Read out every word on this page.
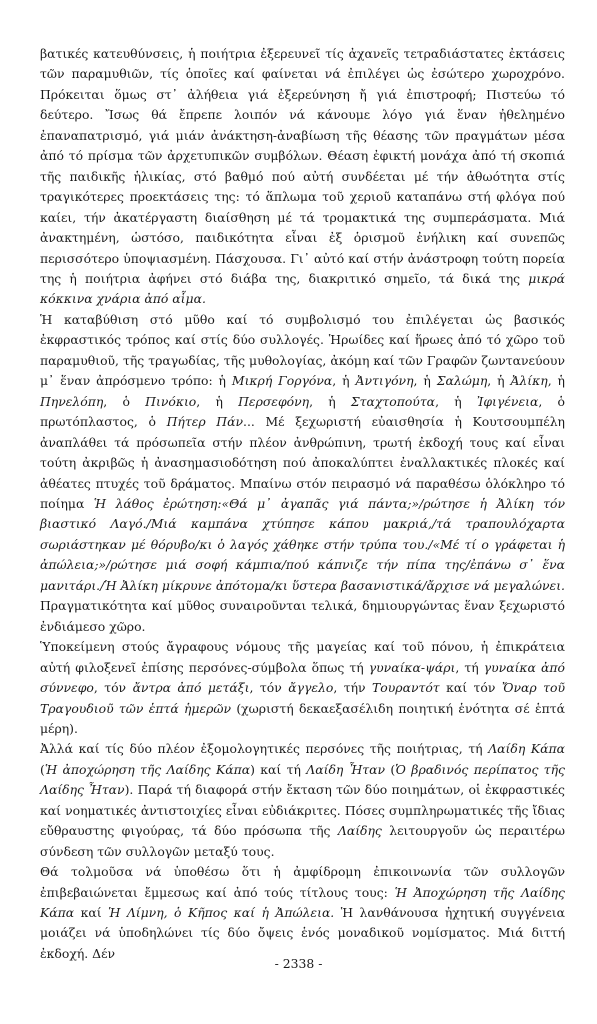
βατικές κατευθύνσεις, ἡ ποιήτρια ἐξερευνεῖ τίς ἀχανεῖς τετραδιάστατες ἐκτάσεις τῶν παραμυθιῶν, τίς ὁποῖες καί φαίνεται νά ἐπιλέγει ὡς ἐσώτερο χωροχρόνο. Πρόκειται ὅμως στ᾽ ἀλήθεια γιά ἐξερεύνηση ἤ γιά ἐπιστροφή; Πιστεύω τό δεύτερο. Ἴσως θά ἔπρεπε λοιπόν νά κάνουμε λόγο γιά ἕναν ἠθελημένο ἐπαναπατρισμό, γιά μιάν ἀνάκτηση-ἀναβίωση τῆς θέασης τῶν πραγμάτων μέσα ἀπό τό πρίσμα τῶν ἀρχετυπικῶν συμβόλων. Θέαση ἐφικτή μονάχα ἀπό τή σκοπιά τῆς παιδικῆς ἡλικίας, στό βαθμό πού αὐτή συνδέεται μέ τήν ἀθωότητα στίς τραγικότερες προεκτάσεις της: τό ἅπλωμα τοῦ χεριοῦ καταπάνω στή φλόγα πού καίει, τήν ἀκατέργαστη διαίσθηση μέ τά τρομακτικά της συμπεράσματα. Μιά ἀνακτημένη, ὡστόσο, παιδικότητα εἶναι ἐξ ὁρισμοῦ ἐνήλικη καί συνεπῶς περισσότερο ὑποψιασμένη. Πάσχουσα. Γι᾽ αὐτό καί στήν ἀνάστροφη τούτη πορεία της ἡ ποιήτρια ἀφήνει στό διάβα της, διακριτικό σημεῖο, τά δικά της μικρά κόκκινα χνάρια ἀπό αἷμα.

Ἡ καταβύθιση στό μῦθο καί τό συμβολισμό του ἐπιλέγεται ὡς βασικός ἐκφραστικός τρόπος καί στίς δύο συλλογές. Ἡρωίδες καί ἥρωες ἀπό τό χῶρο τοῦ παραμυθιοῦ, τῆς τραγωδίας, τῆς μυθολογίας, ἀκόμη καί τῶν Γραφῶν ζωντανεύουν μ᾽ ἕναν ἀπρόσμενο τρόπο: ἡ Μικρή Γοργόνα, ἡ Ἀντιγόνη, ἡ Σαλώμη, ἡ Ἀλίκη, ἡ Πηνελόπη, ὁ Πινόκιο, ἡ Περσεφόνη, ἡ Σταχτοπούτα, ἡ Ἰφιγένεια, ὁ πρωτόπλαστος, ὁ Πήτερ Πάν... Μέ ξεχωριστή εὐαισθησία ἡ Κουτσουμπέλη ἀναπλάθει τά πρόσωπεῖα στήν πλέον ἀνθρώπινη, τρωτή ἐκδοχή τους καί εἶναι τούτη ἀκριβῶς ἡ ἀνασημασιοδότηση πού ἀποκαλύπτει ἐναλλακτικές πλοκές καί ἀθέατες πτυχές τοῦ δράματος. Μπαίνω στόν πειρασμό νά παραθέσω ὁλόκληρο τό ποίημα Ἡ λάθος ἐρώτηση:«Θά μ᾽ ἀγαπᾶς γιά πάντα;»/ρώτησε ἡ Ἀλίκη τόν βιαστικό Λαγό./Μιά καμπάνα χτύπησε κάπου μακριά,/τά τραπουλόχαρτα σωριάστηκαν μέ θόρυβο/κι ὁ λαγός χάθηκε στήν τρύπα του./«Μέ τί ο γράφεται ἡ ἀπώλεια;»/ρώτησε μιά σοφή κάμπια/πού κάπνιζε τήν πίπα της/ἐπάνω σ᾽ ἕνα μανιτάρι./Ἡ Ἀλίκη μίκρυνε ἀπότομα/κι ὕστερα βασανιστικά/ἄρχισε νά μεγαλώνει. Πραγματικότητα καί μῦθος συναιροῦνται τελικά, δημιουργώντας ἕναν ξεχωριστό ἐνδιάμεσο χῶρο.

Ὑποκείμενη στούς ἄγραφους νόμους τῆς μαγείας καί τοῦ πόνου, ἡ ἐπικράτεια αὐτή φιλοξενεῖ ἐπίσης περσόνες-σύμβολα ὅπως τή γυναίκα-ψάρι, τή γυναίκα ἀπό σύννεφο, τόν ἄντρα ἀπό μετάξι, τόν ἄγγελο, τήν Τουραντότ καί τόν Ὄναρ τοῦ Τραγουδιοῦ τῶν ἑπτά ἡμερῶν (χωριστή δεκαεξασέλιδη ποιητική ἑνότητα σέ ἑπτά μέρη).

Ἀλλά καί τίς δύο πλέον ἐξομολογητικές περσόνες τῆς ποιήτριας, τή Λαίδη Κάπα (Ἡ ἀποχώρηση τῆς Λαίδης Κάπα) καί τή Λαίδη Ἦταν (Ὁ βραδινός περίπατος τῆς Λαίδης Ἦταν). Παρά τή διαφορά στήν ἔκταση τῶν δύο ποιημάτων, οἱ ἐκφραστικές καί νοηματικές ἀντιστοιχίες εἶναι εὐδιάκριτες. Πόσες συμπληρωματικές τῆς ἴδιας εὔθραυστης φιγούρας, τά δύο πρόσωπα τῆς Λαίδης λειτουργοῦν ὡς περαιτέρω σύνδεση τῶν συλλογῶν μεταξύ τους.

Θά τολμοῦσα νά ὑποθέσω ὅτι ἡ ἀμφίδρομη ἐπικοινωνία τῶν συλλογῶν ἐπιβεβαιώνεται ἔμμεσως καί ἀπό τούς τίτλους τους: Ἡ Ἀποχώρηση τῆς Λαίδης Κάπα καί Ἡ Λίμνη, ὁ Κῆπος καί ἡ Ἀπώλεια. Ἡ λανθάνουσα ἠχητική συγγένεια μοιάζει νά ὑποδηλώνει τίς δύο ὄψεις ἑνός μοναδικοῦ νομίσματος. Μιά διττή ἐκδοχή. Δέν

- 2338 -
